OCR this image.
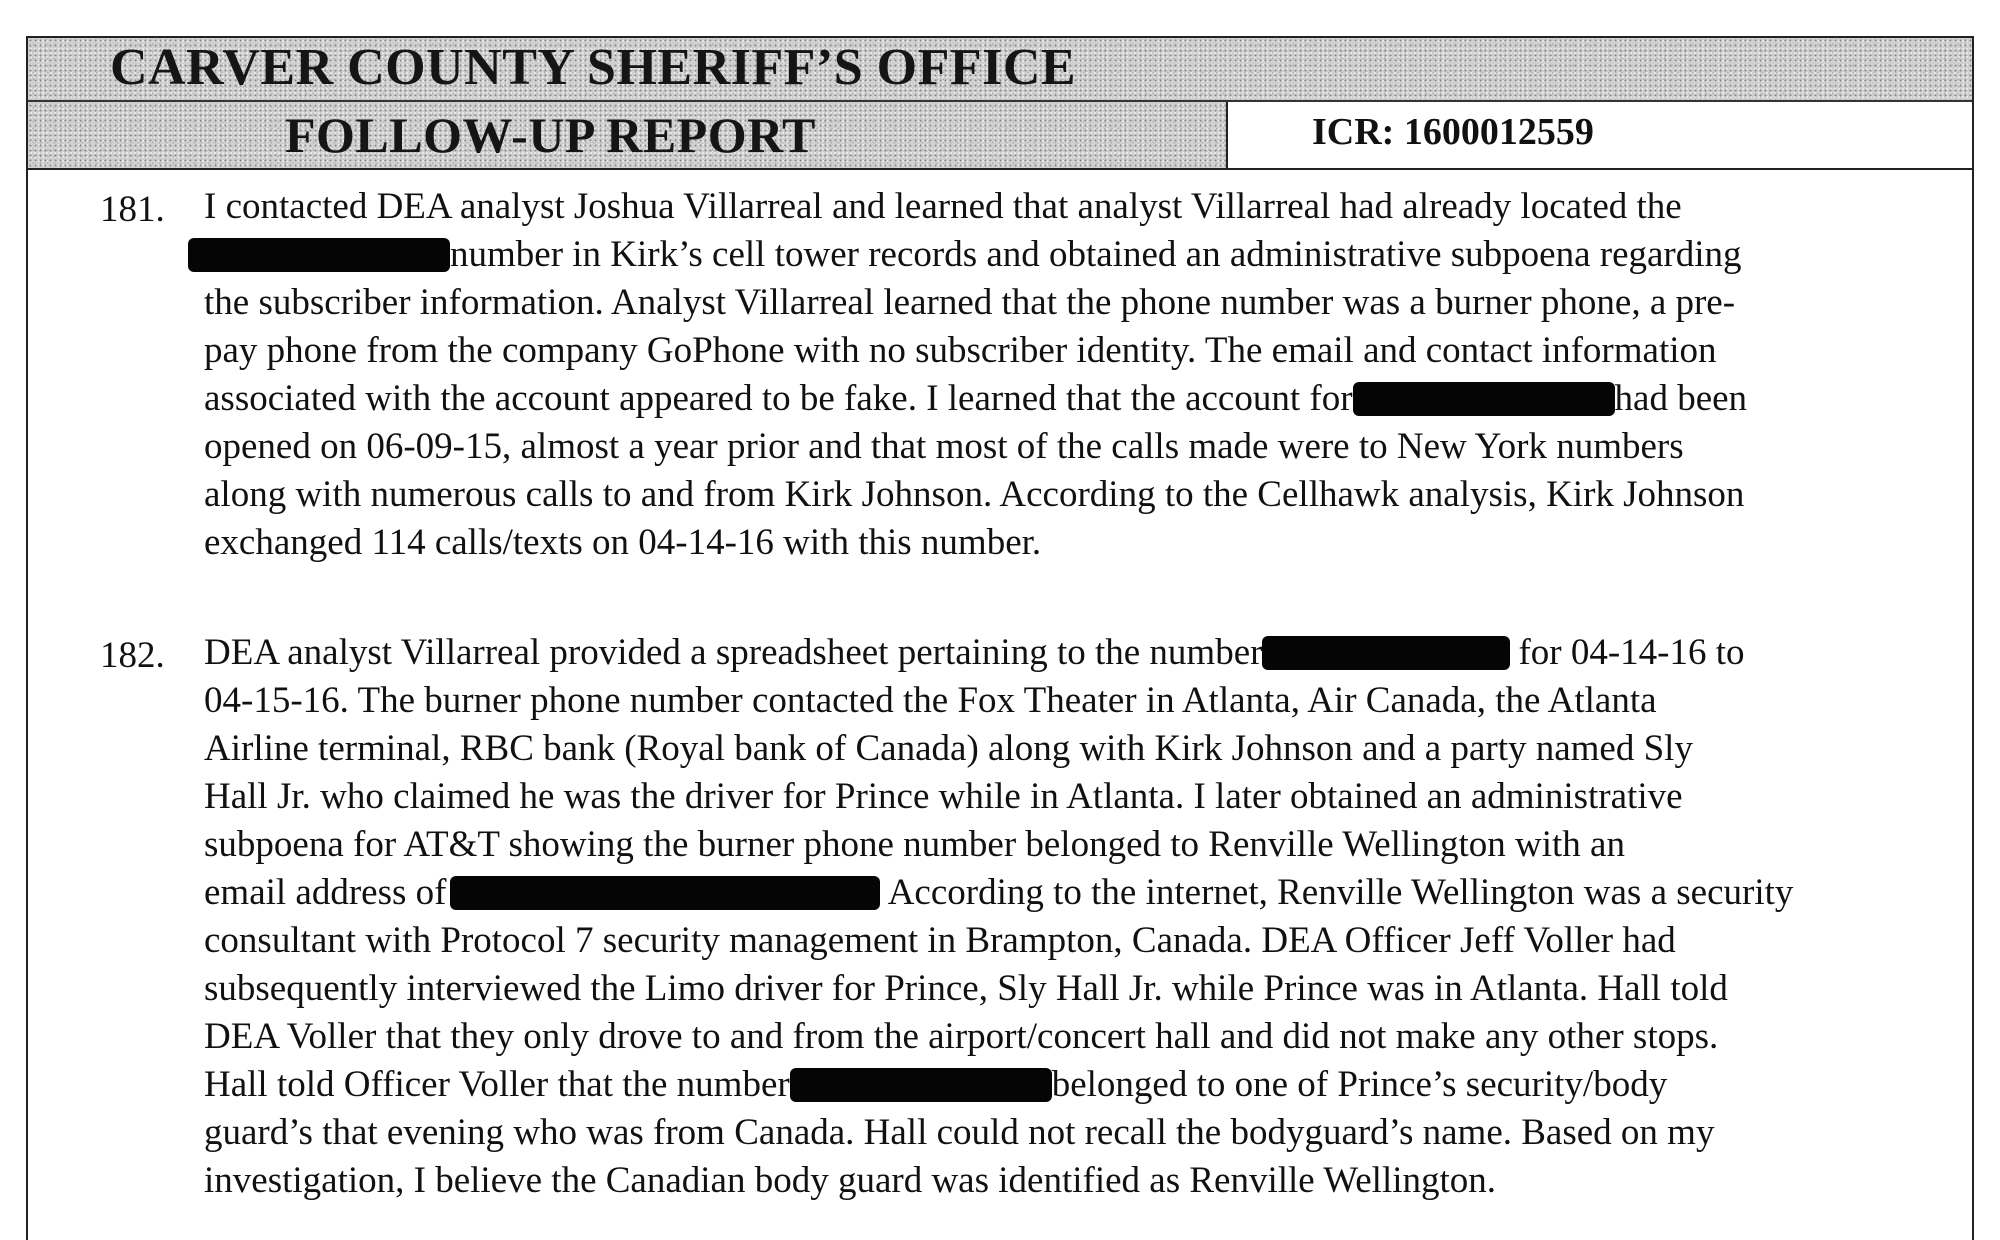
CARVER COUNTY SHERIFF’S OFFICE
FOLLOW-UP REPORT	ICR: 1600012559
181. I contacted DEA analyst Joshua Villarreal and learned that analyst Villarreal had already located the
number in Kirk’s cell tower records and obtained an administrative subpoena regarding
the subscriber information. Analyst Villarreal learned that the phone number was a burner phone, a pre-
pay phone from the company GoPhone with no subscriber identity. The email and contact information
associated with the account appeared to be fake. I learned that the account for	had been
opened on 06-09-15, almost a year prior and that most of the calls made were to New York numbers
along with numerous calls to and from Kirk Johnson. According to the Cellhawk analysis, Kirk Johnson
exchanged 114 calls/texts on 04-14-16 with this number.
182. DEA analyst Villarreal provided a spreadsheet pertaining to the number	for 04-14-16 to
04-15-16. The burner phone number contacted the Fox Theater in Atlanta, Air Canada, the Atlanta
Airline terminal, RBC bank (Royal bank of Canada) along with Kirk Johnson and a party named Sly
Hall Jr. who claimed he was the driver for Prince while in Atlanta. I later obtained an administrative
subpoena for AT&T showing the burner phone number belonged to Renville Wellington with an
email address of	According to the internet, Renville Wellington was a security
consultant with Protocol 7 security management in Brampton, Canada. DEA Officer Jeff Voller had
subsequently interviewed the Limo driver for Prince, Sly Hall Jr. while Prince was in Atlanta. Hall told
DEA Voller that they only drove to and from the airport/concert hall and did not make any other stops.
Hall told Officer Voller that the number	belonged to one of Prince’s security/body
guard’s that evening who was from Canada. Hall could not recall the bodyguard’s name. Based on my
investigation, I believe the Canadian body guard was identified as Renville Wellington.
